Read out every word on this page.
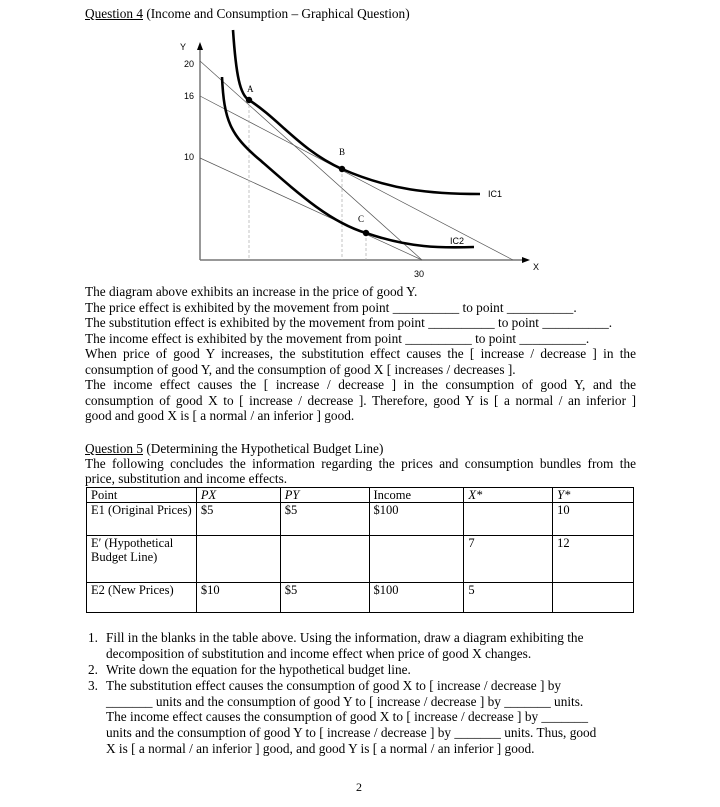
Question 4 (Income and Consumption – Graphical Question)
Y
X
20
16
10
30
A
B
C
IC1
IC2
The diagram above exhibits an increase in the price of good Y.
The price effect is exhibited by the movement from point __________ to point __________.
The substitution effect is exhibited by the movement from point __________ to point __________.
The income effect is exhibited by the movement from point __________ to point __________.
When price of good Y increases, the substitution effect causes the [ increase / decrease ] in the
consumption of good Y, and the consumption of good X [ increases / decreases ].
The income effect causes the [ increase / decrease ] in the consumption of good Y, and the
consumption of good X to [ increase / decrease ]. Therefore, good Y is [ a normal / an inferior ]
good and good X is [ a normal / an inferior ] good.
Question 5 (Determining the Hypothetical Budget Line)
The following concludes the information regarding the prices and consumption bundles from the
price, substitution and income effects.
Point	PX	PY	Income	X*	Y*
E1 (Original Prices)	$5	$5	$100		10
E′ (Hypothetical Budget Line)				7	12
E2 (New Prices)	$10	$5	$100	5	
1. Fill in the blanks in the table above. Using the information, draw a diagram exhibiting the
decomposition of substitution and income effect when price of good X changes.
2. Write down the equation for the hypothetical budget line.
3. The substitution effect causes the consumption of good X to [ increase / decrease ] by
_______ units and the consumption of good Y to [ increase / decrease ] by _______ units.
The income effect causes the consumption of good X to [ increase / decrease ] by _______
units and the consumption of good Y to [ increase / decrease ] by _______ units. Thus, good
X is [ a normal / an inferior ] good, and good Y is [ a normal / an inferior ] good.
2
